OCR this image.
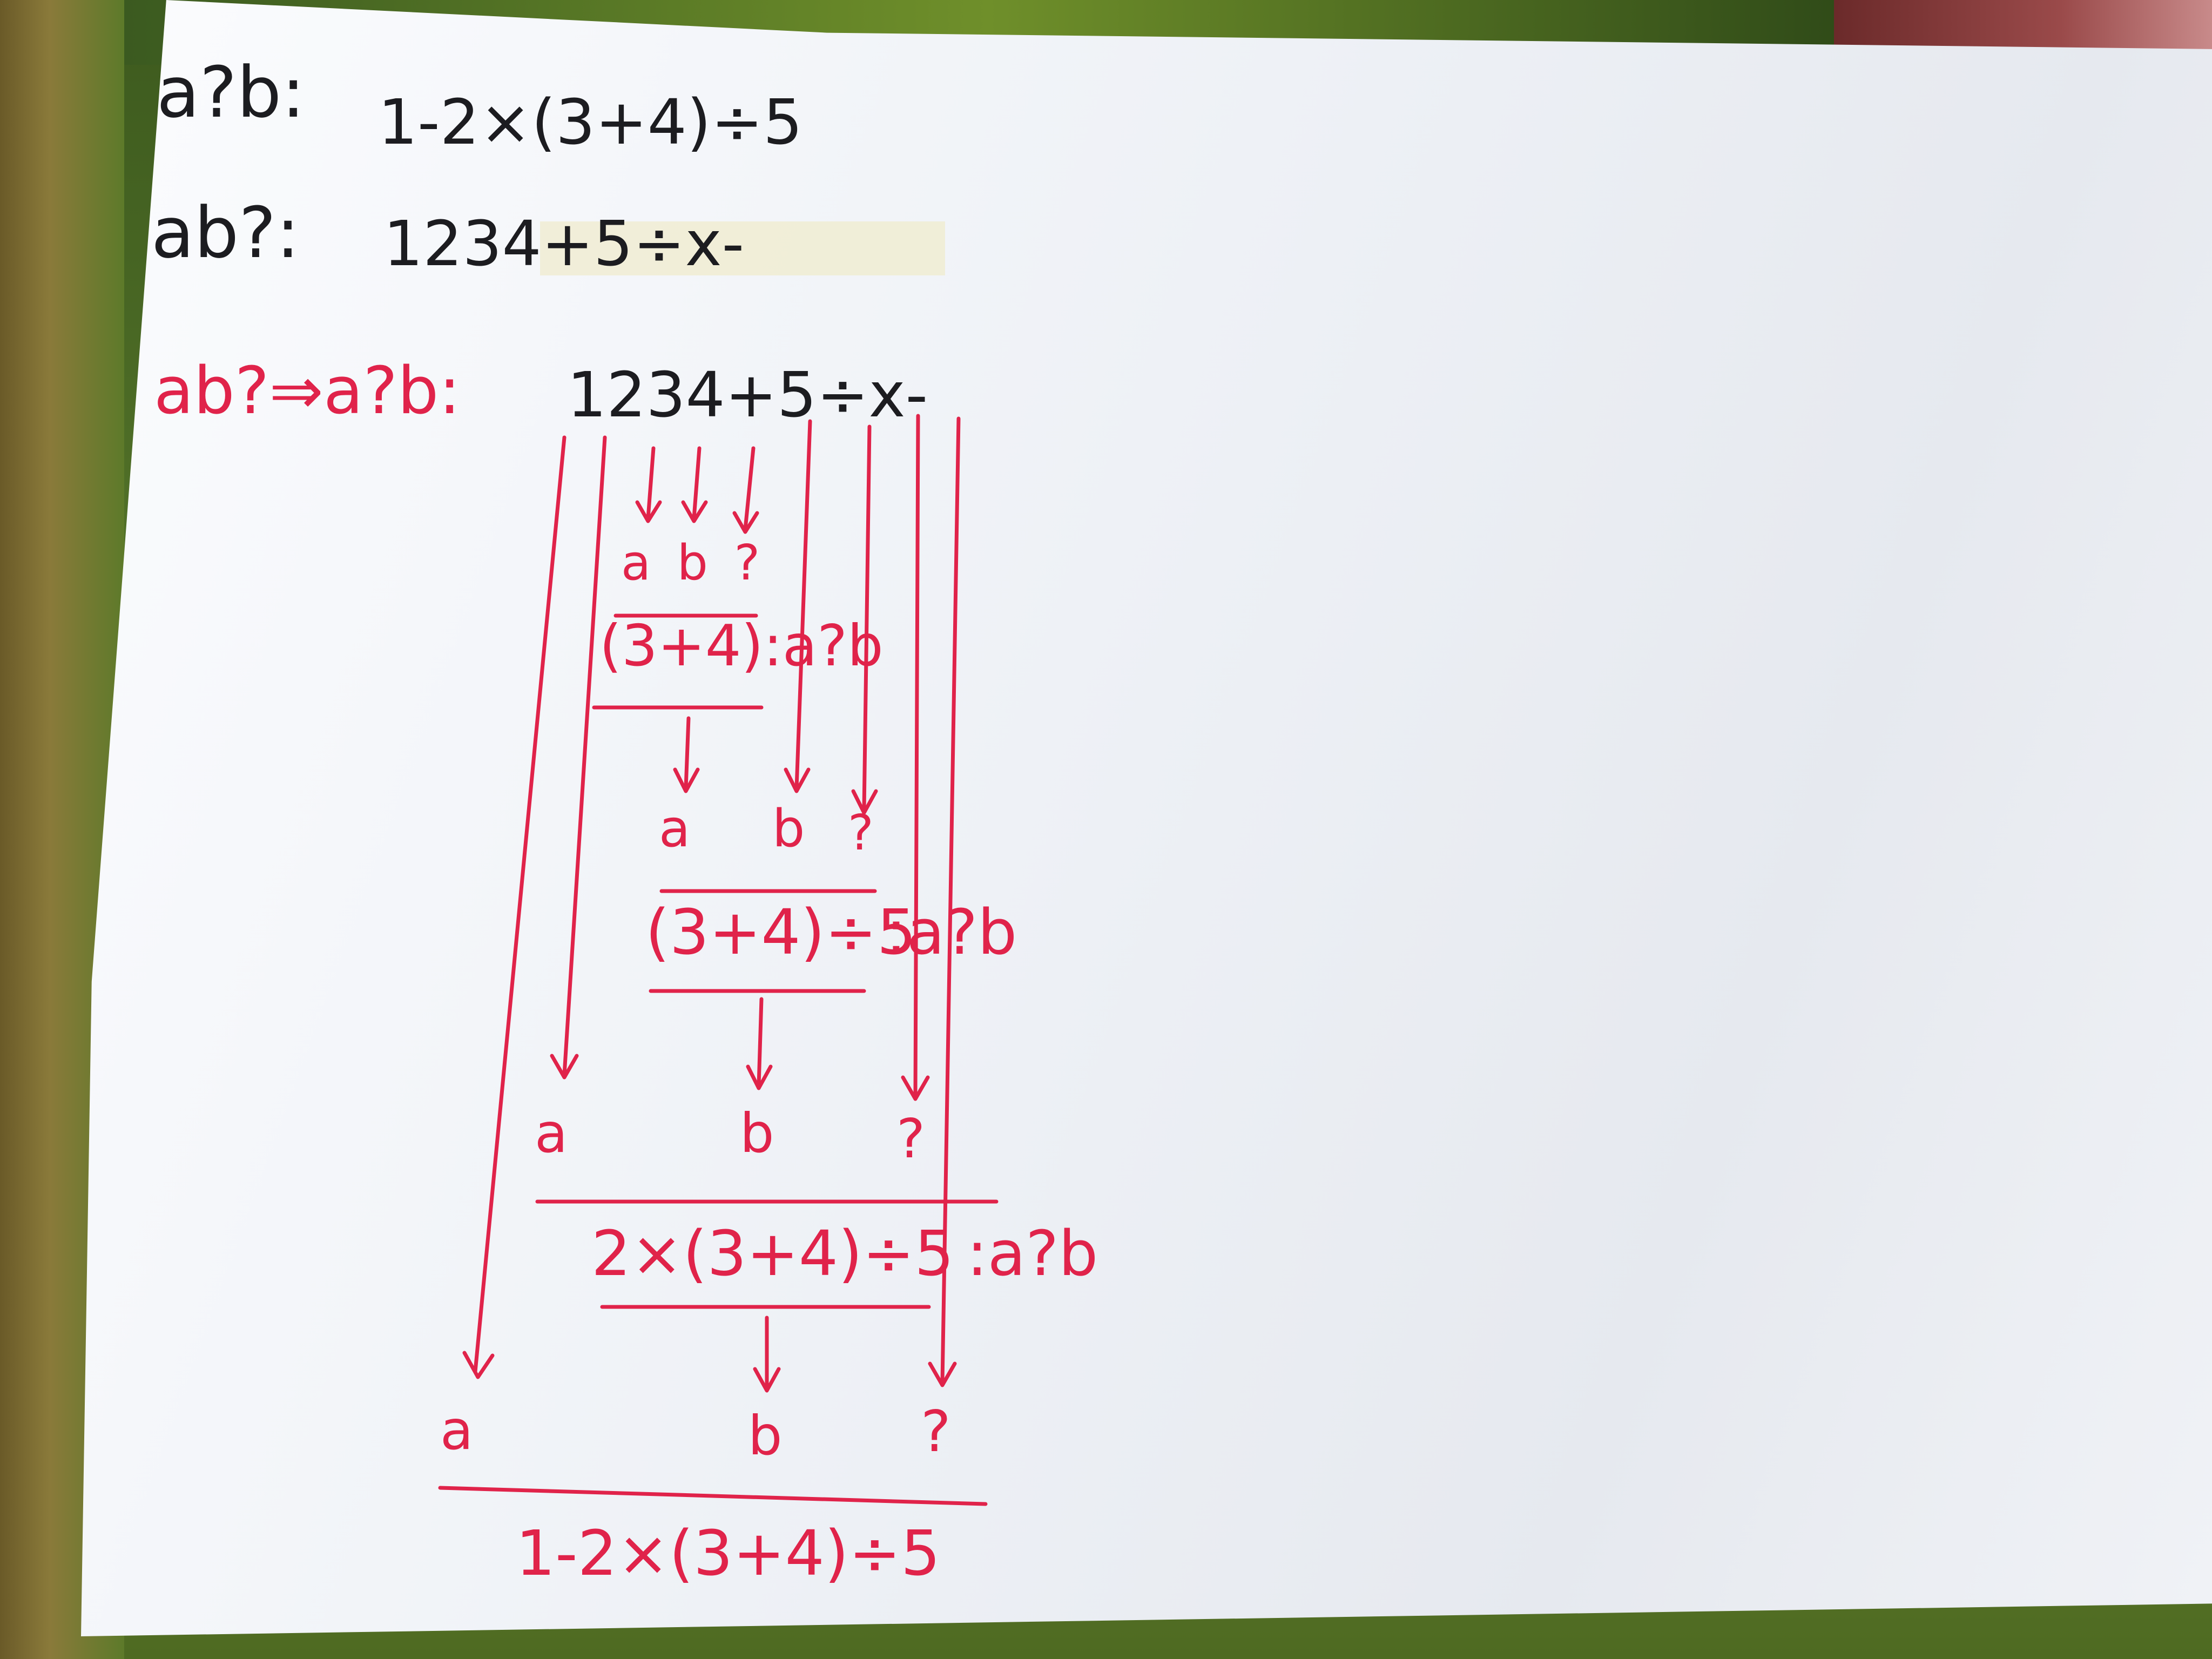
a?b: 1-2×(3+4)÷5

ab?: 1234+5÷x-

ab?⇒a?b: 1234+5÷x-

a b ?

(3+4):a?b

a b ?

(3+4)÷5

:a?b

a	b ?

2×(3+4)÷5 :a?b

a	b ?

1-2×(3+4)÷5
